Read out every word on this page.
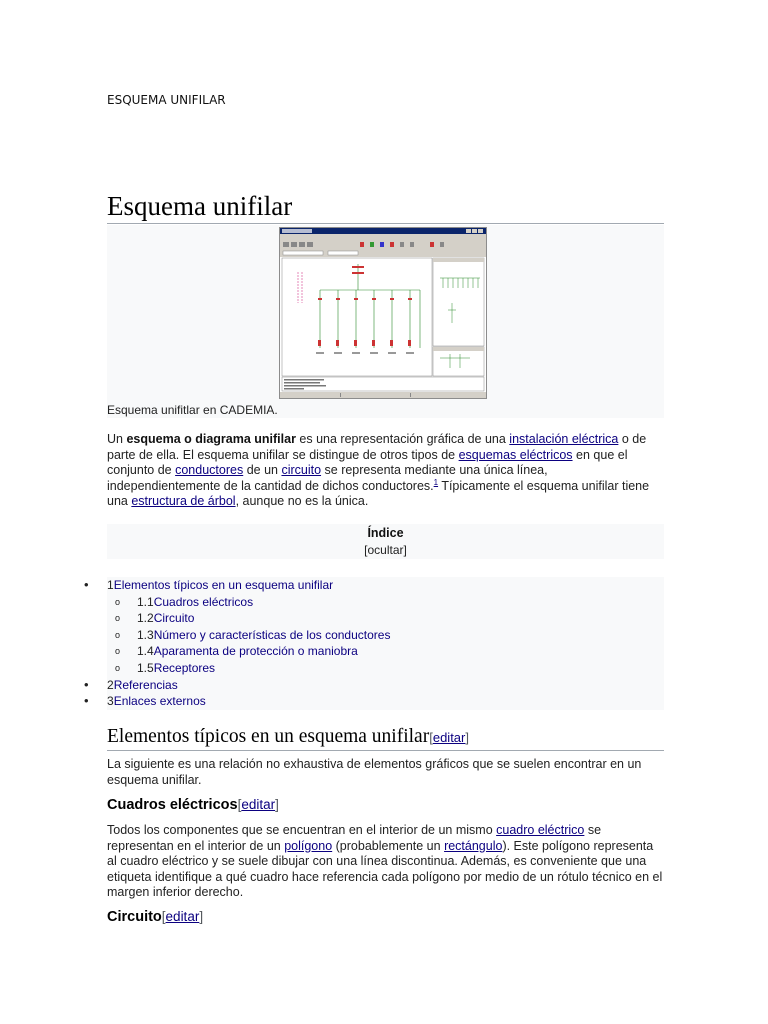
ESQUEMA UNIFILAR
Esquema unifilar
Esquema unifitlar en CADEMIA.
Un esquema o diagrama unifilar es una representación gráfica de una instalación eléctrica o de parte de ella. El esquema unifilar se distingue de otros tipos de esquemas eléctricos en que el conjunto de conductores de un circuito se representa mediante una única línea, independientemente de la cantidad de dichos conductores.$^1$ Típicamente el esquema unifilar tiene una estructura de árbol, aunque no es la única.
Índice
[ocultar]
• 1Elementos típicos en un esquema unifilar
o 1.1Cuadros eléctricos
o 1.2Circuito
o 1.3Número y características de los conductores
o 1.4Aparamenta de protección o maniobra
o 1.5Receptores
• 2Referencias
• 3Enlaces externos
Elementos típicos en un esquema unifilar[editar]
La siguiente es una relación no exhaustiva de elementos gráficos que se suelen encontrar en un esquema unifilar.
Cuadros eléctricos[editar]
Todos los componentes que se encuentran en el interior de un mismo cuadro eléctrico se representan en el interior de un polígono (probablemente un rectángulo). Este polígono representa al cuadro eléctrico y se suele dibujar con una línea discontinua. Además, es conveniente que una etiqueta identifique a qué cuadro hace referencia cada polígono por medio de un rótulo técnico en el margen inferior derecho.
Circuito[editar]
